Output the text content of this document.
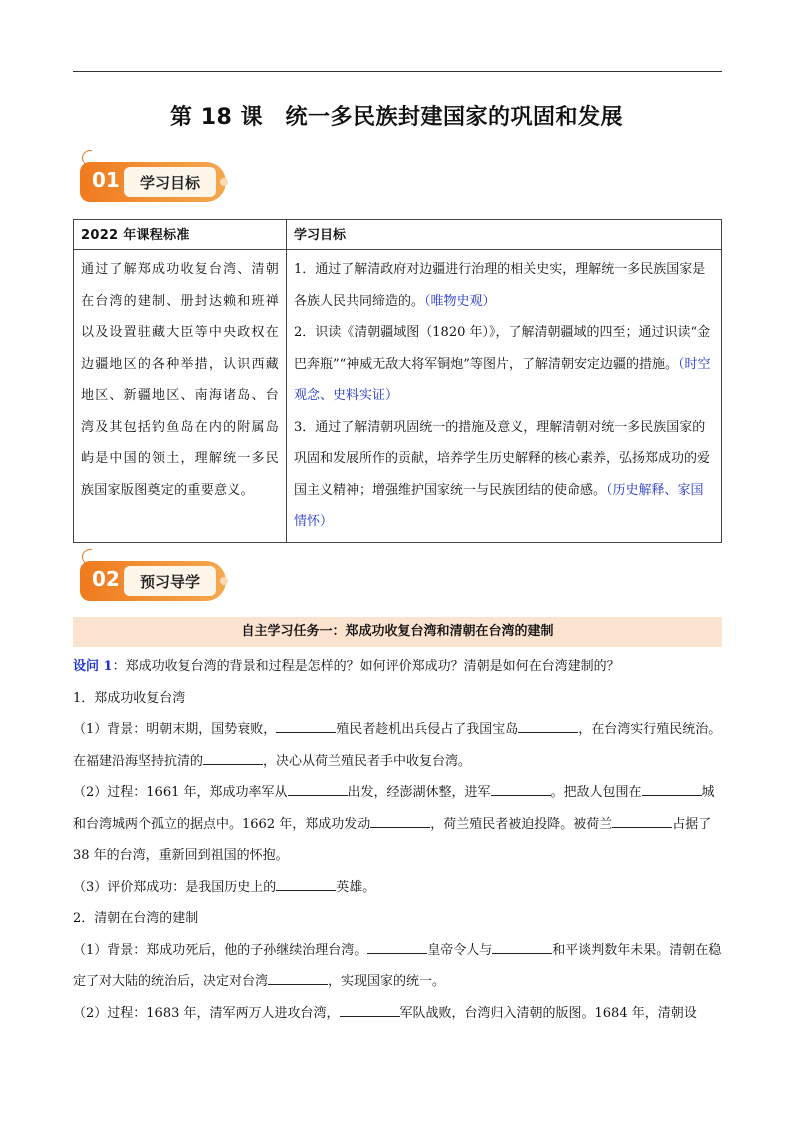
第 18 课　统一多民族封建国家的巩固和发展
01	学习目标
2022 年课程标准	学习目标
通过了解郑成功收复台湾、清朝在台湾的建制、册封达赖和班禅以及设置驻藏大臣等中央政权在边疆地区的各种举措，认识西藏地区、新疆地区、南海诸岛、台湾及其包括钓鱼岛在内的附属岛屿是中国的领土，理解统一多民族国家版图奠定的重要意义。	1．通过了解清政府对边疆进行治理的相关史实，理解统一多民族国家是各族人民共同缔造的。（唯物史观）
2．识读《清朝疆域图（1820 年）》，了解清朝疆域的四至；通过识读“金巴奔瓶”“神威无敌大将军铜炮”等图片，了解清朝安定边疆的措施。（时空观念、史料实证）
3．通过了解清朝巩固统一的措施及意义，理解清朝对统一多民族国家的巩固和发展所作的贡献，培养学生历史解释的核心素养，弘扬郑成功的爱国主义精神；增强维护国家统一与民族团结的使命感。（历史解释、家国情怀）
02	预习导学
自主学习任务一：郑成功收复台湾和清朝在台湾的建制

设问 1：郑成功收复台湾的背景和过程是怎样的？如何评价郑成功？清朝是如何在台湾建制的？

1．郑成功收复台湾

（1）背景：明朝末期，国势衰败，	殖民者趁机出兵侵占了我国宝岛	，在台湾实行殖民统治。在福建沿海坚持抗清的	，决心从荷兰殖民者手中收复台湾。

（2）过程：1661 年，郑成功率军从	出发，经澎湖休整，进军	。把敌人包围在	城和台湾城两个孤立的据点中。1662 年，郑成功发动	，荷兰殖民者被迫投降。被荷兰	占据了 38 年的台湾，重新回到祖国的怀抱。

（3）评价郑成功：是我国历史上的	英雄。

2．清朝在台湾的建制

（1）背景：郑成功死后，他的子孙继续治理台湾。	皇帝令人与	和平谈判数年未果。清朝在稳定了对大陆的统治后，决定对台湾	，实现国家的统一。

（2）过程：1683 年，清军两万人进攻台湾，	军队战败，台湾归入清朝的版图。1684 年，清朝设
